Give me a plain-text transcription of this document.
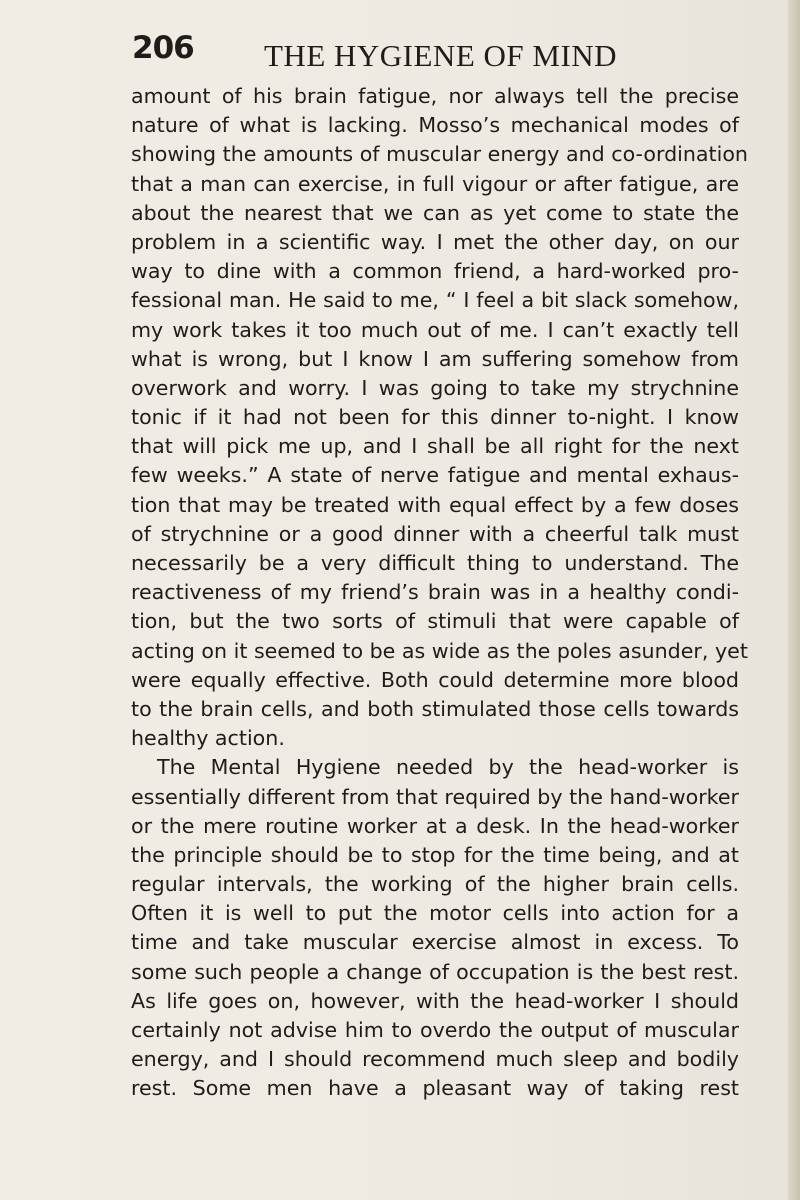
206 THE HYGIENE OF MIND
amount of his brain fatigue, nor always tell the precise
nature of what is lacking. Mosso’s mechanical modes of
showing the amounts of muscular energy and co-ordination
that a man can exercise, in full vigour or after fatigue, are
about the nearest that we can as yet come to state the
problem in a scientific way. I met the other day, on our
way to dine with a common friend, a hard-worked pro-
fessional man. He said to me, “ I feel a bit slack somehow,
my work takes it too much out of me. I can’t exactly tell
what is wrong, but I know I am suffering somehow from
overwork and worry. I was going to take my strychnine
tonic if it had not been for this dinner to-night. I know
that will pick me up, and I shall be all right for the next
few weeks.” A state of nerve fatigue and mental exhaus-
tion that may be treated with equal effect by a few doses
of strychnine or a good dinner with a cheerful talk must
necessarily be a very difficult thing to understand. The
reactiveness of my friend’s brain was in a healthy condi-
tion, but the two sorts of stimuli that were capable of
acting on it seemed to be as wide as the poles asunder, yet
were equally effective. Both could determine more blood
to the brain cells, and both stimulated those cells towards
healthy action.
The Mental Hygiene needed by the head-worker is
essentially different from that required by the hand-worker
or the mere routine worker at a desk. In the head-worker
the principle should be to stop for the time being, and at
regular intervals, the working of the higher brain cells.
Often it is well to put the motor cells into action for a
time and take muscular exercise almost in excess. To
some such people a change of occupation is the best rest.
As life goes on, however, with the head-worker I should
certainly not advise him to overdo the output of muscular
energy, and I should recommend much sleep and bodily
rest. Some men have a pleasant way of taking rest
